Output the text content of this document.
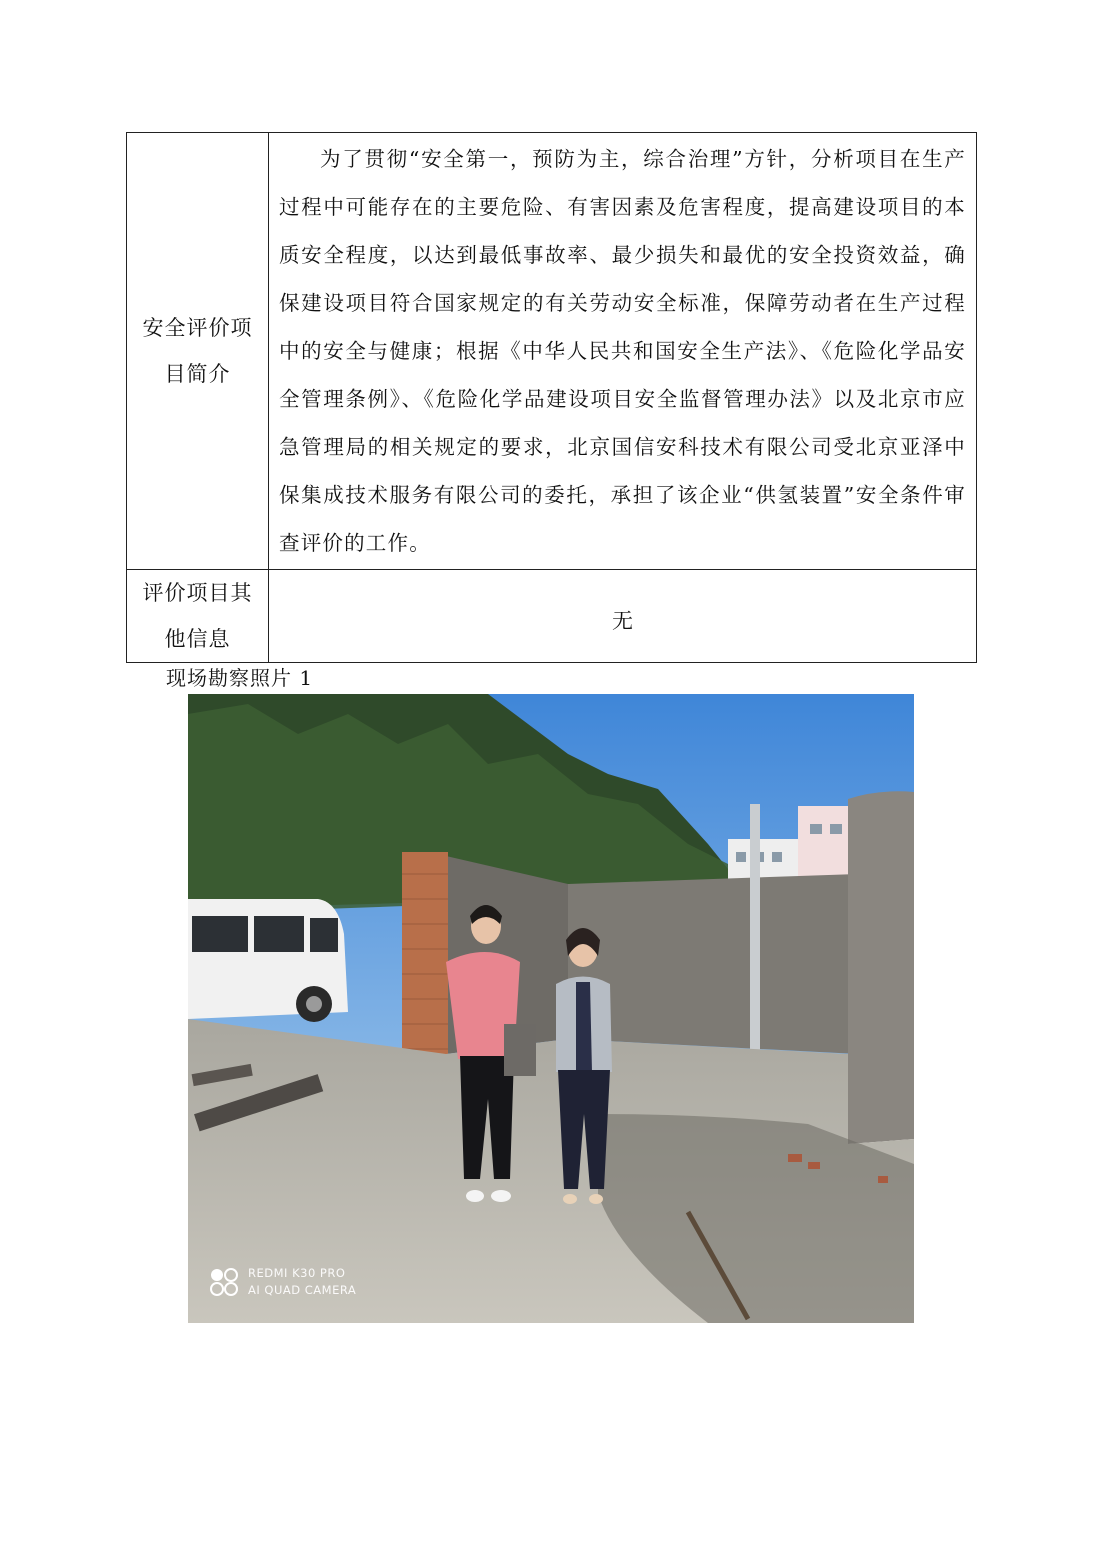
安全评价项目简介	为了贯彻“安全第一，预防为主，综合治理”方针，分析项目在生产过程中可能存在的主要危险、有害因素及危害程度，提高建设项目的本质安全程度，以达到最低事故率、最少损失和最优的安全投资效益，确保建设项目符合国家规定的有关劳动安全标准，保障劳动者在生产过程中的安全与健康；根据《中华人民共和国安全生产法》、《危险化学品安全管理条例》、《危险化学品建设项目安全监督管理办法》以及北京市应急管理局的相关规定的要求，北京国信安科技术有限公司受北京亚泽中保集成技术服务有限公司的委托，承担了该企业“供氢装置”安全条件审查评价的工作。

评价项目其他信息	无
现场勘察照片 1
REDMI K30 PRO
AI QUAD CAMERA
